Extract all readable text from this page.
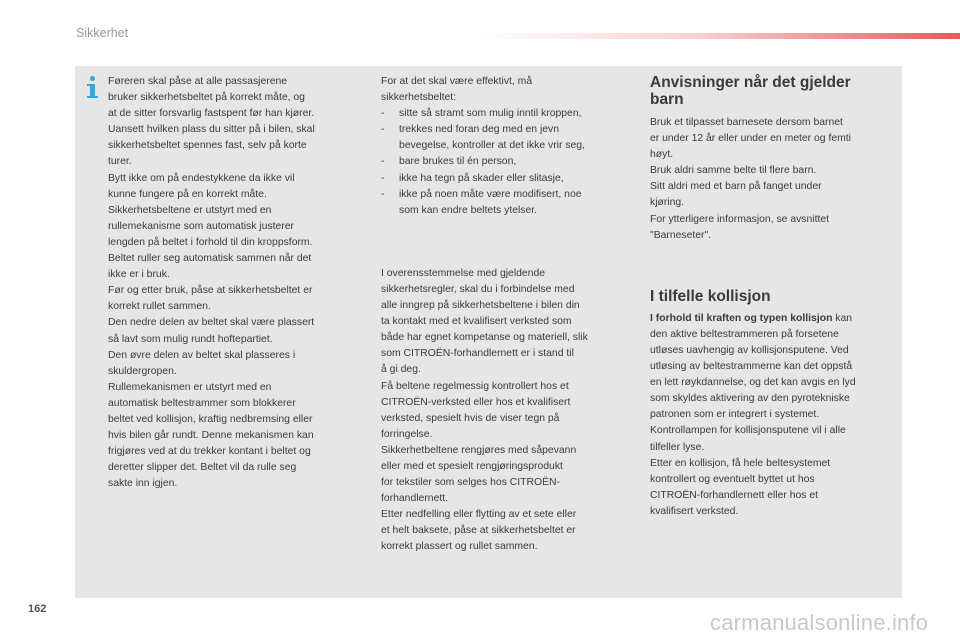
Sikkerhet

Føreren skal påse at alle passasjerene

bruker sikkerhetsbeltet på korrekt måte, og

at de sitter forsvarlig fastspent før han kjører.

Uansett hvilken plass du sitter på i bilen, skal

sikkerhetsbeltet spennes fast, selv på korte

turer.

Bytt ikke om på endestykkene da ikke vil

kunne fungere på en korrekt måte.

Sikkerhetsbeltene er utstyrt med en

rullemekanisme som automatisk justerer

lengden på beltet i forhold til din kroppsform.

Beltet ruller seg automatisk sammen når det

ikke er i bruk.

Før og etter bruk, påse at sikkerhetsbeltet er

korrekt rullet sammen.

Den nedre delen av beltet skal være plassert

så lavt som mulig rundt hoftepartiet.

Den øvre delen av beltet skal plasseres i

skuldergropen.

Rullemekanismen er utstyrt med en

automatisk beltestrammer som blokkerer

beltet ved kollisjon, kraftig nedbremsing eller

hvis bilen går rundt. Denne mekanismen kan

frigjøres ved at du trekker kontant i beltet og

deretter slipper det. Beltet vil da rulle seg

sakte inn igjen.

For at det skal være effektivt, må

sikkerhetsbeltet:

-	sitte så stramt som mulig inntil kroppen,
-	trekkes ned foran deg med en jevn
bevegelse, kontroller at det ikke vrir seg,
-	bare brukes til én person,
-	ikke ha tegn på skader eller slitasje,
-	ikke på noen måte være modifisert, noe
som kan endre beltets ytelser.

I overensstemmelse med gjeldende

sikkerhetsregler, skal du i forbindelse med

alle inngrep på sikkerhetsbeltene i bilen din

ta kontakt med et kvalifisert verksted som

både har egnet kompetanse og materiell, slik

som CITROËN-forhandlernett er i stand til

å gi deg.

Få beltene regelmessig kontrollert hos et

CITROËN-verksted eller hos et kvalifisert

verksted, spesielt hvis de viser tegn på

forringelse.

Sikkerhetbeltene rengjøres med såpevann

eller med et spesielt rengjøringsprodukt

for tekstiler som selges hos CITROËN-

forhandlernett.

Etter nedfelling eller flytting av et sete eller

et helt baksete, påse at sikkerhetsbeltet er

korrekt plassert og rullet sammen.

Anvisninger når det gjelder
barn

Bruk et tilpasset barnesete dersom barnet

er under 12 år eller under en meter og femti

høyt.

Bruk aldri samme belte til flere barn.

Sitt aldri med et barn på fanget under

kjøring.

For ytterligere informasjon, se avsnittet

"Barneseter".

I tilfelle kollisjon

I forhold til kraften og typen kollisjon kan

den aktive beltestrammeren på forsetene

utløses uavhengig av kollisjonsputene. Ved

utløsing av beltestrammerne kan det oppstå

en lett røykdannelse, og det kan avgis en lyd

som skyldes aktivering av den pyrotekniske

patronen som er integrert i systemet.

Kontrollampen for kollisjonsputene vil i alle

tilfeller lyse.

Etter en kollisjon, få hele beltesystemet

kontrollert og eventuelt byttet ut hos

CITROËN-forhandlernett eller hos et

kvalifisert verksted.

162
carmanualsonline.info
